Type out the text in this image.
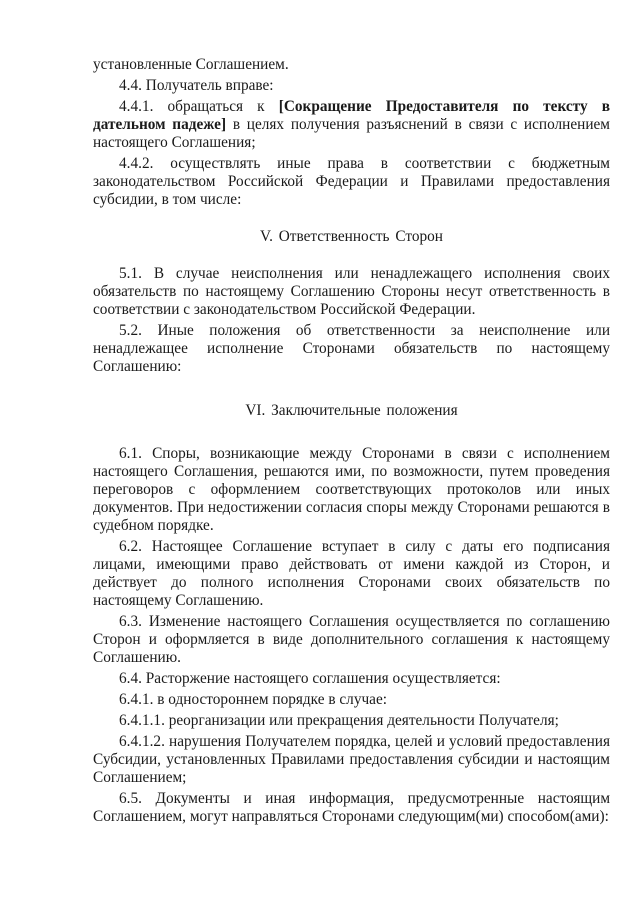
установленные Соглашением.

4.4. Получатель вправе:

4.4.1. обращаться к [Сокращение Предоставителя по тексту в дательном падеже] в целях получения разъяснений в связи с исполнением настоящего Соглашения;

4.4.2. осуществлять иные права в соответствии с бюджетным законодательством Российской Федерации и Правилами предоставления субсидии, в том числе:

V. Ответственность Сторон

5.1. В случае неисполнения или ненадлежащего исполнения своих обязательств по настоящему Соглашению Стороны несут ответственность в соответствии с законодательством Российской Федерации.

5.2. Иные положения об ответственности за неисполнение или ненадлежащее исполнение Сторонами обязательств по настоящему Соглашению:

VI. Заключительные положения

6.1. Споры, возникающие между Сторонами в связи с исполнением настоящего Соглашения, решаются ими, по возможности, путем проведения переговоров с оформлением соответствующих протоколов или иных документов. При недостижении согласия споры между Сторонами решаются в судебном порядке.

6.2. Настоящее Соглашение вступает в силу с даты его подписания лицами, имеющими право действовать от имени каждой из Сторон, и действует до полного исполнения Сторонами своих обязательств по настоящему Соглашению.

6.3. Изменение настоящего Соглашения осуществляется по соглашению Сторон и оформляется в виде дополнительного соглашения к настоящему Соглашению.

6.4. Расторжение настоящего соглашения осуществляется:

6.4.1. в одностороннем порядке в случае:

6.4.1.1. реорганизации или прекращения деятельности Получателя;

6.4.1.2. нарушения Получателем порядка, целей и условий предоставления Субсидии, установленных Правилами предоставления субсидии и настоящим Соглашением;

6.5. Документы и иная информация, предусмотренные настоящим Соглашением, могут направляться Сторонами следующим(ми) способом(ами):
